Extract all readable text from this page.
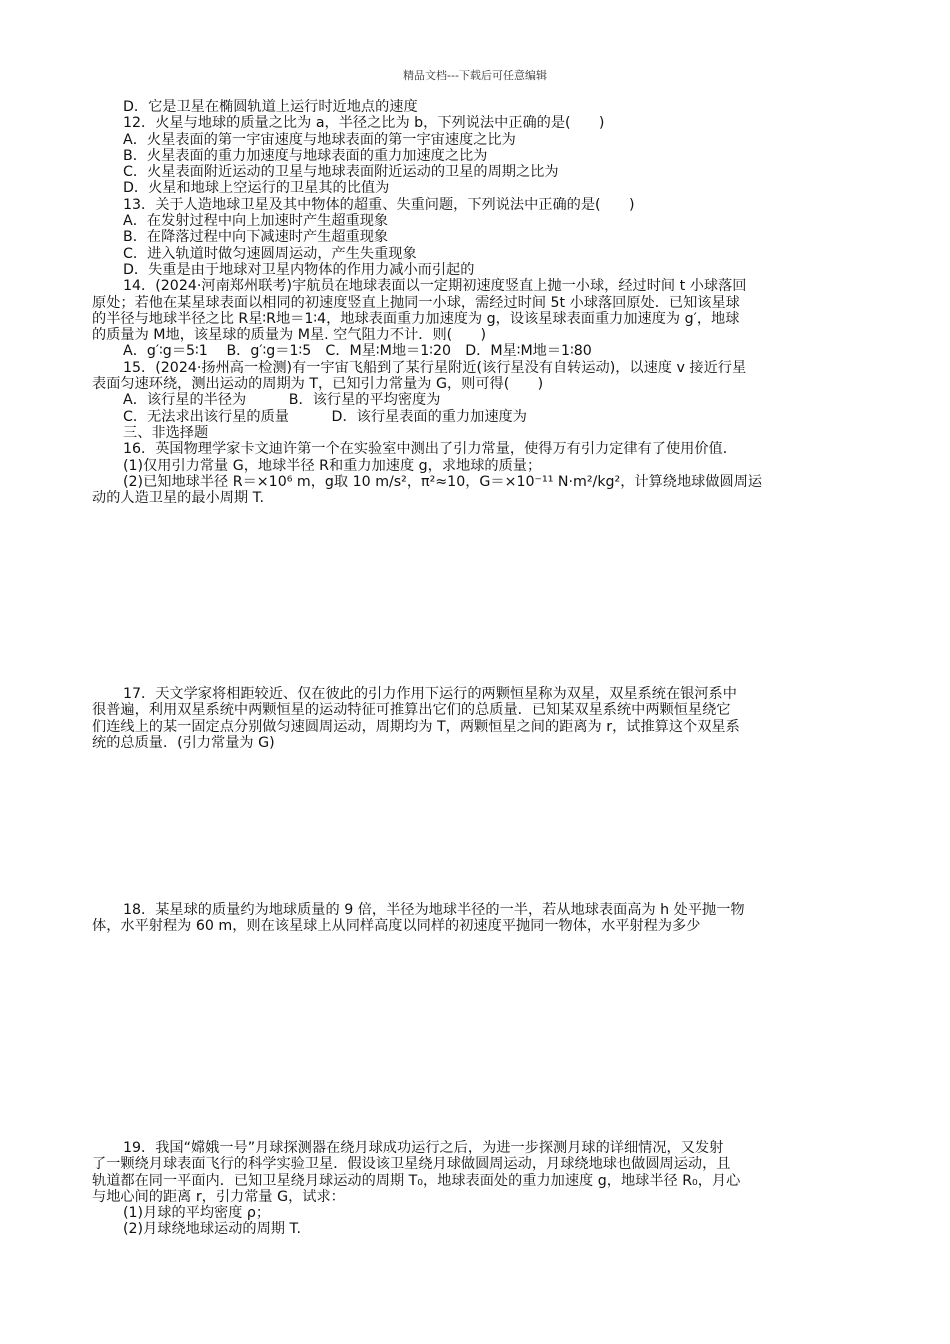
精品文档---下载后可任意编辑

D．它是卫星在椭圆轨道上运行时近地点的速度

12．火星与地球的质量之比为 a，半径之比为 b，下列说法中正确的是(　　)

A．火星表面的第一宇宙速度与地球表面的第一宇宙速度之比为

B．火星表面的重力加速度与地球表面的重力加速度之比为

C．火星表面附近运动的卫星与地球表面附近运动的卫星的周期之比为

D．火星和地球上空运行的卫星其的比值为

13．关于人造地球卫星及其中物体的超重、失重问题，下列说法中正确的是(　　)

A．在发射过程中向上加速时产生超重现象

B．在降落过程中向下减速时产生超重现象

C．进入轨道时做匀速圆周运动，产生失重现象

D．失重是由于地球对卫星内物体的作用力减小而引起的

14．(2024·河南郑州联考)宇航员在地球表面以一定期初速度竖直上抛一小球，经过时间 t 小球落回

原处；若他在某星球表面以相同的初速度竖直上抛同一小球，需经过时间 5t 小球落回原处．已知该星球

的半径与地球半径之比 R星∶R地＝1∶4，地球表面重力加速度为 g，设该星球表面重力加速度为 g′，地球

的质量为 M地，该星球的质量为 M星. 空气阻力不计．则(　　)

A．g′∶g＝5∶1　 B．g′∶g＝1∶5　C．M星∶M地＝1∶20　D．M星∶M地＝1∶80

15．(2024·扬州高一检测)有一宇宙飞船到了某行星附近(该行星没有自转运动)，以速度 v 接近行星

表面匀速环绕，测出运动的周期为 T，已知引力常量为 G，则可得(　　)

A．该行星的半径为　　　B．该行星的平均密度为

C．无法求出该行星的质量　　　D．该行星表面的重力加速度为

三、非选择题

16．英国物理学家卡文迪许第一个在实验室中测出了引力常量，使得万有引力定律有了使用价值．

(1)仅用引力常量 G，地球半径 R和重力加速度 g，求地球的质量；

(2)已知地球半径 R＝×10⁶ m，g取 10 m/s²，π²≈10，G＝×10⁻¹¹ N·m²/kg²，计算绕地球做圆周运

动的人造卫星的最小周期 T.

17．天文学家将相距较近、仅在彼此的引力作用下运行的两颗恒星称为双星，双星系统在银河系中

很普遍，利用双星系统中两颗恒星的运动特征可推算出它们的总质量．已知某双星系统中两颗恒星绕它

们连线上的某一固定点分别做匀速圆周运动，周期均为 T，两颗恒星之间的距离为 r，试推算这个双星系

统的总质量．(引力常量为 G)

18．某星球的质量约为地球质量的 9 倍，半径为地球半径的一半，若从地球表面高为 h 处平抛一物

体，水平射程为 60 m，则在该星球上从同样高度以同样的初速度平抛同一物体，水平射程为多少

19．我国“嫦娥一号”月球探测器在绕月球成功运行之后，为进一步探测月球的详细情况，又发射

了一颗绕月球表面飞行的科学实验卫星．假设该卫星绕月球做圆周运动，月球绕地球也做圆周运动，且

轨道都在同一平面内．已知卫星绕月球运动的周期 T₀，地球表面处的重力加速度 g，地球半径 R₀，月心

与地心间的距离 r，引力常量 G，试求：

(1)月球的平均密度 ρ；

(2)月球绕地球运动的周期 T.
